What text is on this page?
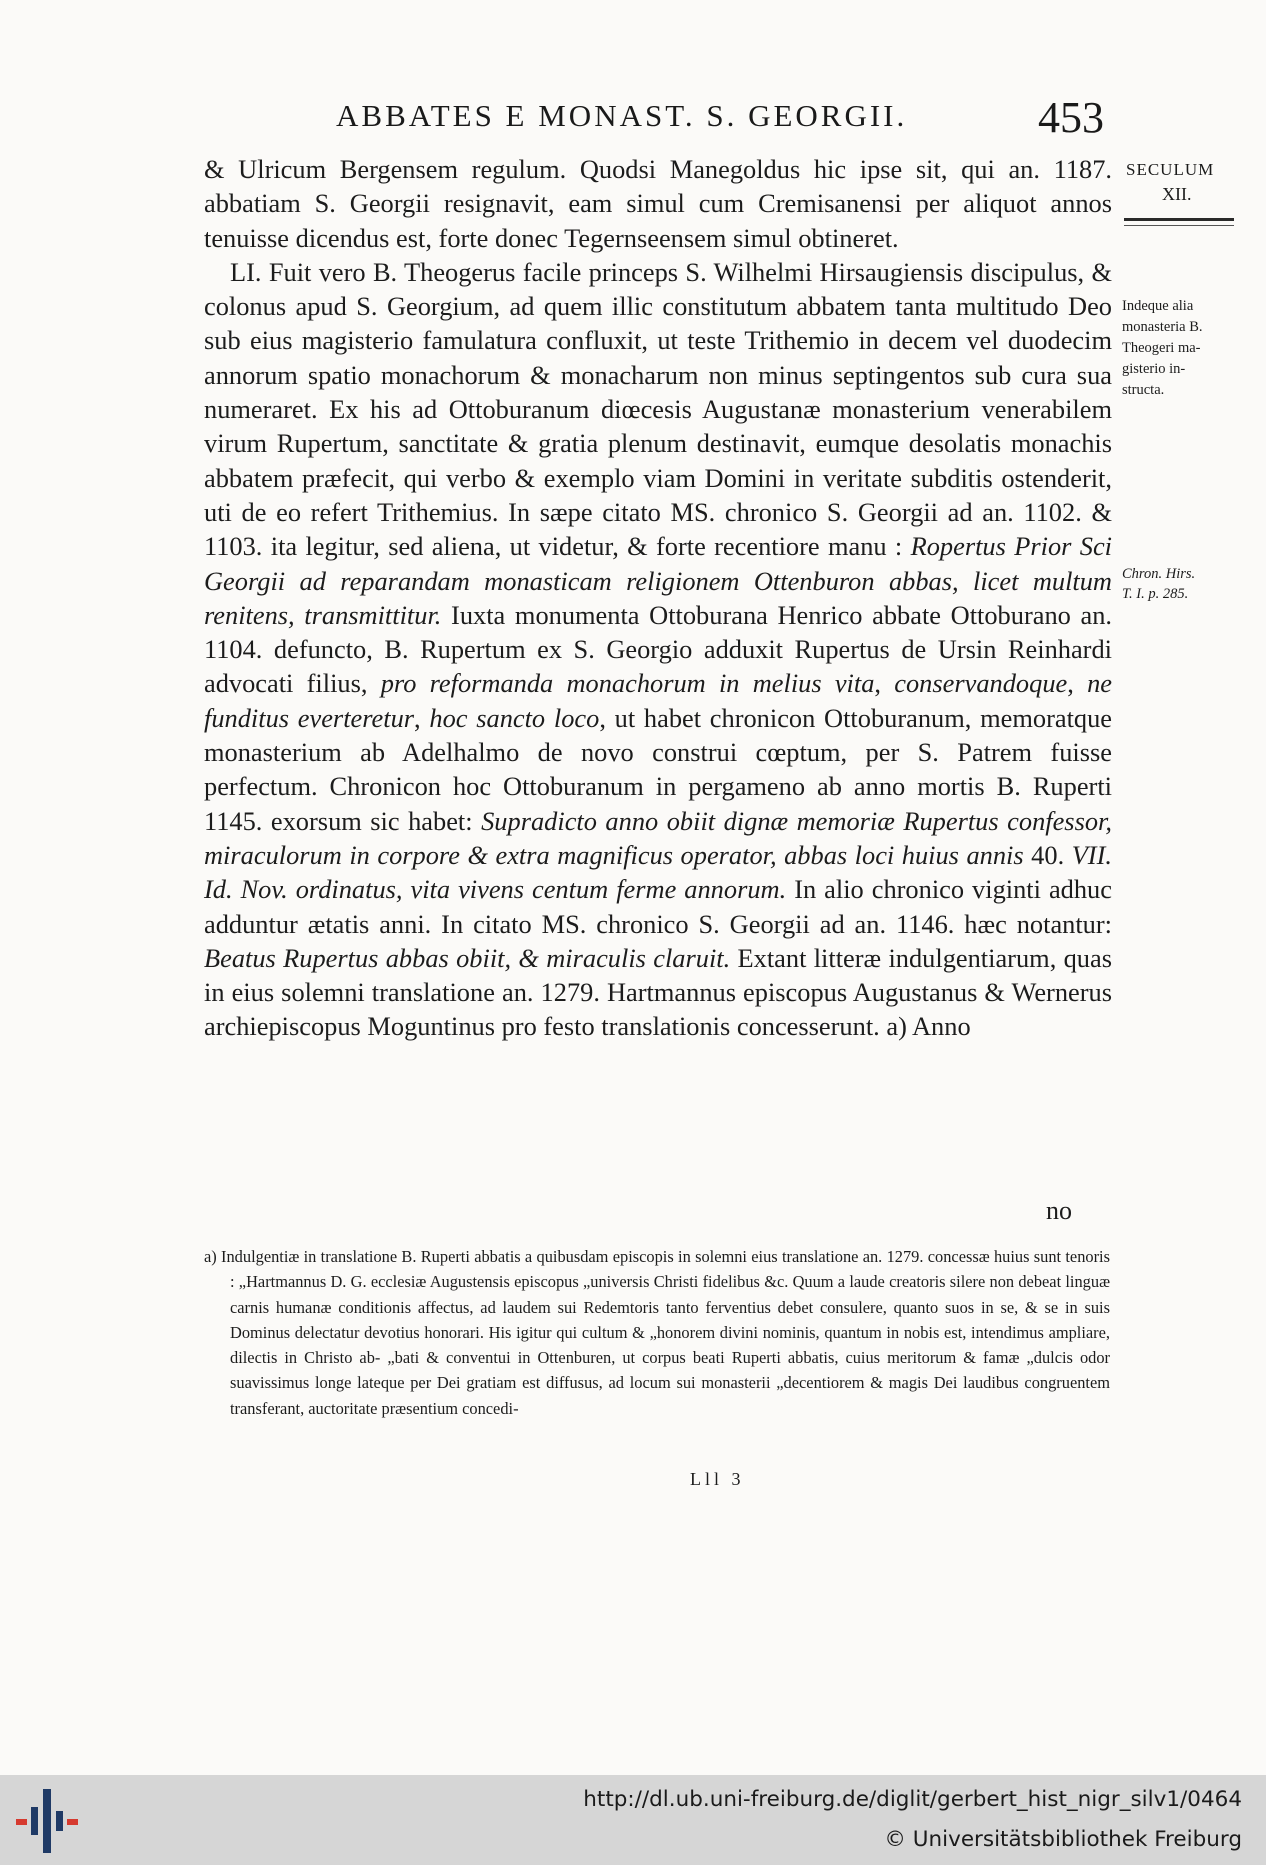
ABBATES E MONAST. S. GEORGII.	453
SECULUM
XII.
Indeque alia
monasteria B.
Theogeri ma-
gisterio in-
structa.
Chron. Hirs.
T. I. p. 285.

& Ulricum Bergensem regulum. Quodsi Manegoldus hic ipse sit, qui an. 1187. abbatiam S. Georgii resignavit, eam simul cum Cremisanensi per aliquot annos tenuisse dicendus est, forte donec Tegernseensem simul obtineret.

LI. Fuit vero B. Theogerus facile princeps S. Wilhelmi Hirsaugiensis discipulus, & colonus apud S. Georgium, ad quem illic constitutum abbatem tanta multitudo Deo sub eius magisterio famulatura confluxit, ut teste Trithemio in decem vel duodecim annorum spatio monachorum & monacharum non minus septingentos sub cura sua numeraret. Ex his ad Ottoburanum diœcesis Augustanæ monasterium venerabilem virum Rupertum, sanctitate & gratia plenum destinavit, eumque desolatis monachis abbatem præfecit, qui verbo & exemplo viam Domini in veritate subditis ostenderit, uti de eo refert Trithemius. In sæpe citato MS. chronico S. Georgii ad an. 1102. & 1103. ita legitur, sed aliena, ut videtur, & forte recentiore manu : Ropertus Prior Sci Georgii ad reparandam monasticam religionem Ottenburon abbas, licet multum renitens, transmittitur. Iuxta monumenta Ottoburana Henrico abbate Ottoburano an. 1104. defuncto, B. Rupertum ex S. Georgio adduxit Rupertus de Ursin Reinhardi advocati filius, pro reformanda monachorum in melius vita, conservandoque, ne funditus everteretur, hoc sancto loco, ut habet chronicon Ottoburanum, memoratque monasterium ab Adelhalmo de novo construi cœptum, per S. Patrem fuisse perfectum. Chronicon hoc Ottoburanum in pergameno ab anno mortis B. Ruperti 1145. exorsum sic habet: Supradicto anno obiit dignæ memoriæ Rupertus confessor, miraculorum in corpore & extra magnificus operator, abbas loci huius annis 40. VII. Id. Nov. ordinatus, vita vivens centum ferme annorum. In alio chronico viginti adhuc adduntur ætatis anni. In citato MS. chronico S. Georgii ad an. 1146. hæc notantur: Beatus Rupertus abbas obiit, & miraculis claruit. Extant litteræ indulgentiarum, quas in eius solemni translatione an. 1279. Hartmannus episcopus Augustanus & Wernerus archiepiscopus Moguntinus pro festo translationis concesserunt. a) Anno

no

a) Indulgentiæ in translatione B. Ruperti abbatis a quibusdam episcopis in solemni eius translatione an. 1279. concessæ huius sunt tenoris : „Hartmannus D. G. ecclesiæ Augustensis episcopus „universis Christi fidelibus &c. Quum a laude creatoris silere non debeat linguæ carnis humanæ conditionis affectus, ad laudem sui Redemtoris tanto ferventius debet consulere, quanto suos in se, & se in suis Dominus delectatur devotius honorari. His igitur qui cultum & „honorem divini nominis, quantum in nobis est, intendimus ampliare, dilectis in Christo ab- „bati & conventui in Ottenburen, ut corpus beati Ruperti abbatis, cuius meritorum & famæ „dulcis odor suavissimus longe lateque per Dei gratiam est diffusus, ad locum sui monasterii „decentiorem & magis Dei laudibus congruentem transferant, auctoritate præsentium concedi-

Lll 3
http://dl.ub.uni-freiburg.de/diglit/gerbert_hist_nigr_silv1/0464
© Universitätsbibliothek Freiburg
